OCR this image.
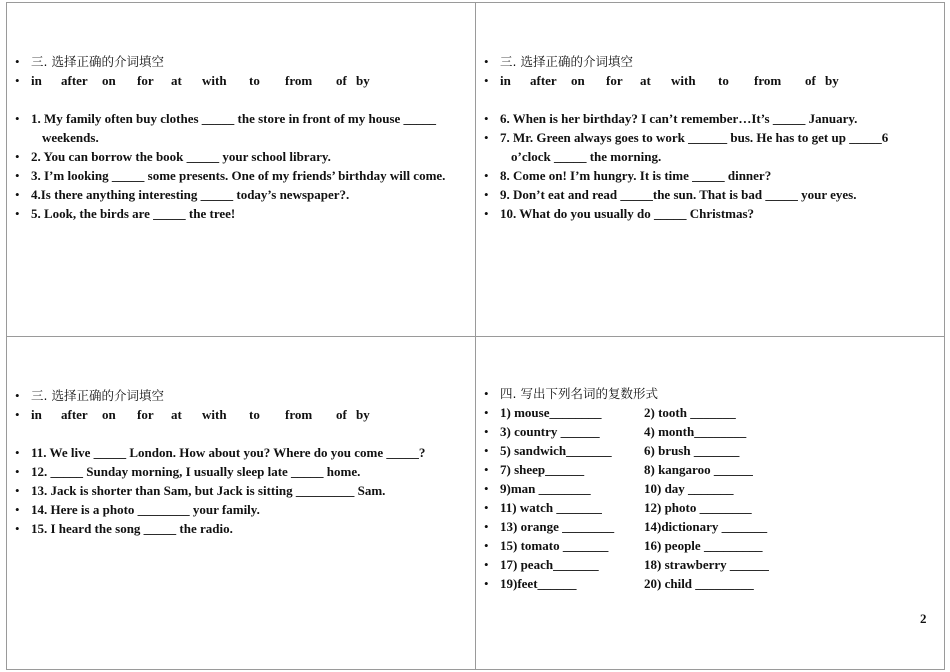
• 三. 选择正确的介词填空
• in after on for at with to from of by
• 1. My family often buy clothes _____ the store in front of my house _____
weekends.
• 2. You can borrow the book _____ your school library.
• 3. I’m looking _____ some presents. One of my friends’ birthday will come.
• 4.Is there anything interesting _____ today’s newspaper?.
• 5. Look, the birds are _____ the tree!
• 三. 选择正确的介词填空
• in after on for at with to from of by
• 6. When is her birthday? I can’t remember…It’s _____ January.
• 7. Mr. Green always goes to work ______ bus. He has to get up _____6
o’clock _____ the morning.
• 8. Come on! I’m hungry. It is time _____ dinner?
• 9. Don’t eat and read _____the sun. That is bad _____ your eyes.
• 10. What do you usually do _____ Christmas?
• 三. 选择正确的介词填空
• in after on for at with to from of by
• 11. We live _____ London. How about you? Where do you come _____?
• 12. _____ Sunday morning, I usually sleep late _____ home.
• 13. Jack is shorter than Sam, but Jack is sitting _________ Sam.
• 14. Here is a photo ________ your family.
• 15. I heard the song _____ the radio.
• 四. 写出下列名词的复数形式
• 1) mouse________	2) tooth _______
• 3) country ______	4) month________
• 5) sandwich_______ 6) brush _______
• 7) sheep______	8) kangaroo ______
• 9)man ________	10) day _______
• 11) watch _______	12) photo ________
• 13) orange ________ 14)dictionary _______
• 15) tomato _______	16) people _________
• 17) peach_______	18) strawberry ______
• 19)feet______	20) child _________
2
